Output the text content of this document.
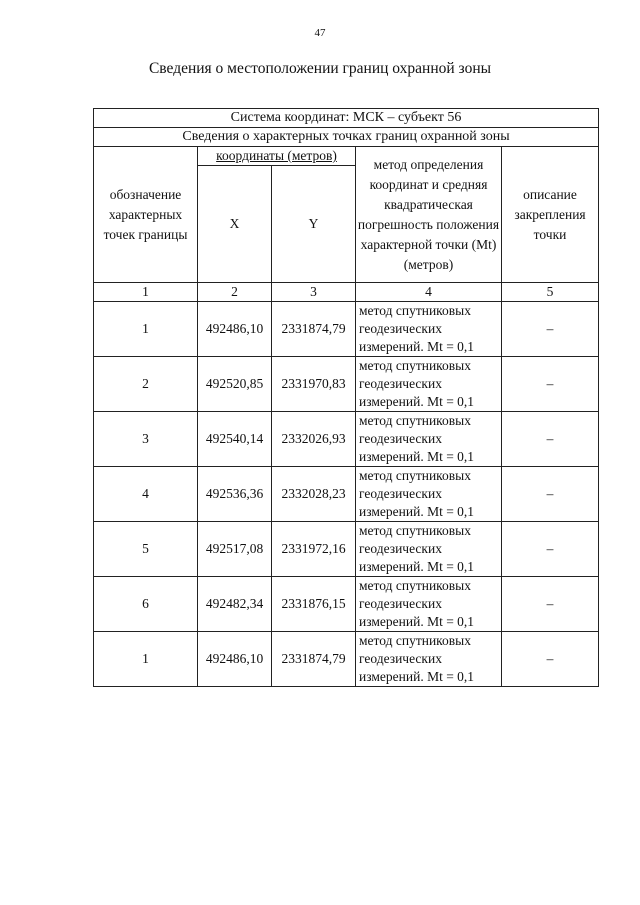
47
Сведения о местоположении границ охранной зоны
Система координат: МСК – субъект 56				
Сведения о характерных точках границ охранной зоны				

обозначение характерных точек границы	координаты (метров)		метод определения координат и средняя квадратическая погрешность положения характерной точки (Mt) (метров)	описание закрепления точки

	X	Y		
1	2	3	4	5
1	492486,10	2331874,79	метод спутниковых геодезических измерений. Mt = 0,1	–
2	492520,85	2331970,83	метод спутниковых геодезических измерений. Mt = 0,1	–
3	492540,14	2332026,93	метод спутниковых геодезических измерений. Mt = 0,1	–
4	492536,36	2332028,23	метод спутниковых геодезических измерений. Mt = 0,1	–
5	492517,08	2331972,16	метод спутниковых геодезических измерений. Mt = 0,1	–
6	492482,34	2331876,15	метод спутниковых геодезических измерений. Mt = 0,1	–
1	492486,10	2331874,79	метод спутниковых геодезических измерений. Mt = 0,1	–
